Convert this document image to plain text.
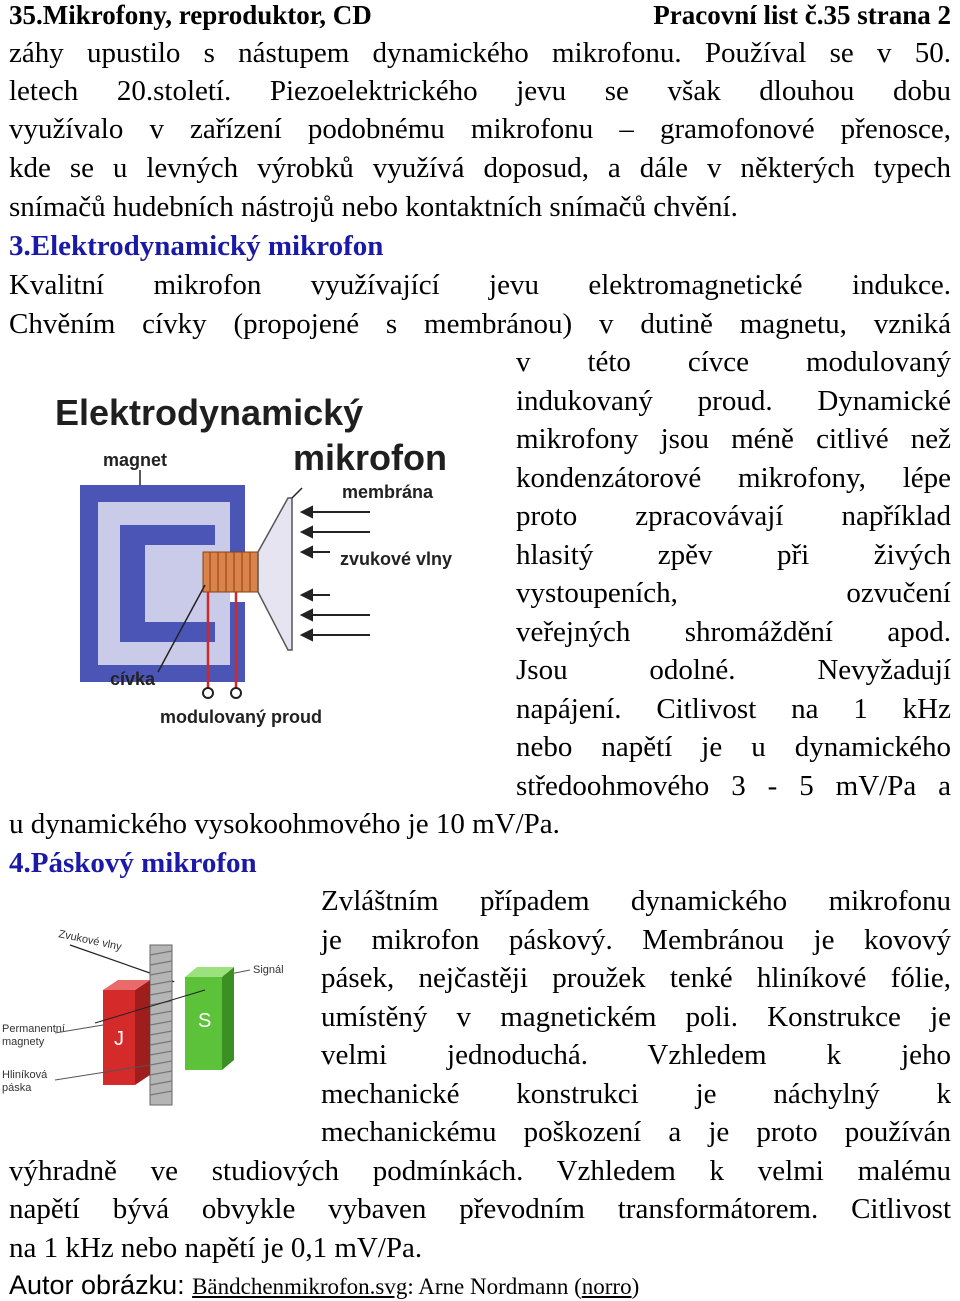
35.Mikrofony, reproduktor, CD	Pracovní list č.35 strana 2
záhy upustilo s nástupem dynamického mikrofonu. Používal se v 50.
letech 20.století. Piezoelektrického jevu se však dlouhou dobu
využívalo v zařízení podobnému mikrofonu – gramofonové přenosce,
kde se u levných výrobků využívá doposud, a dále v některých typech
snímačů hudebních nástrojů nebo kontaktních snímačů chvění.
3.Elektrodynamický mikrofon
Kvalitní mikrofon využívající jevu elektromagnetické indukce.
Chvěním cívky (propojené s membránou) v dutině magnetu, vzniká
v této cívce modulovaný
indukovaný proud. Dynamické
mikrofony jsou méně citlivé než
kondenzátorové mikrofony, lépe
proto zpracovávají například
hlasitý zpěv při živých
vystoupeních, ozvučení
veřejných shromáždění apod.
Jsou odolné. Nevyžadují
napájení. Citlivost na 1 kHz
nebo napětí je u dynamického
středoohmového 3 - 5 mV/Pa a
Elektrodynamický
mikrofon
magnet
membrána
zvukové vlny
cívka
modulovaný proud
u dynamického vysokoohmového je 10 mV/Pa.
4.Páskový mikrofon
Zvláštním případem dynamického mikrofonu
je mikrofon páskový. Membránou je kovový
pásek, nejčastěji proužek tenké hliníkové fólie,
umístěný v magnetickém poli. Konstrukce je
velmi jednoduchá. Vzhledem k jeho
mechanické konstrukci je náchylný k
mechanickému poškození a je proto používán
Zvukové vlny
Signál
J
S
Permanentní
magnety
Hliníková
páska
výhradně ve studiových podmínkách. Vzhledem k velmi malému
napětí bývá obvykle vybaven převodním transformátorem. Citlivost
na 1 kHz nebo napětí je 0,1 mV/Pa.
Autor obrázku: Bändchenmikrofon.svg: Arne Nordmann (norro)
